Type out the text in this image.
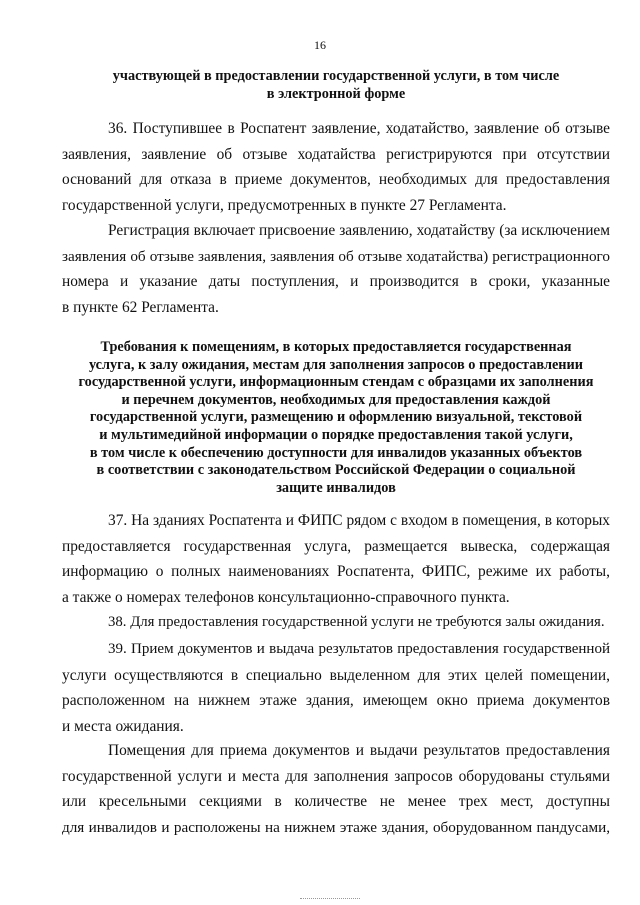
16
участвующей в предоставлении государственной услуги, в том числе
в электронной форме
36. Поступившее в Роспатент заявление, ходатайство, заявление об отзыве
заявления, заявление об отзыве ходатайства регистрируются при отсутствии
оснований для отказа в приеме документов, необходимых для предоставления
государственной услуги, предусмотренных в пункте 27 Регламента.
Регистрация включает присвоение заявлению, ходатайству (за исключением
заявления об отзыве заявления, заявления об отзыве ходатайства) регистрационного
номера и указание даты поступления, и производится в сроки, указанные
в пункте 62 Регламента.
Требования к помещениям, в которых предоставляется государственная
услуга, к залу ожидания, местам для заполнения запросов о предоставлении
государственной услуги, информационным стендам с образцами их заполнения
и перечнем документов, необходимых для предоставления каждой
государственной услуги, размещению и оформлению визуальной, текстовой
и мультимедийной информации о порядке предоставления такой услуги,
в том числе к обеспечению доступности для инвалидов указанных объектов
в соответствии с законодательством Российской Федерации о социальной
защите инвалидов
37. На зданиях Роспатента и ФИПС рядом с входом в помещения, в которых
предоставляется государственная услуга, размещается вывеска, содержащая
информацию о полных наименованиях Роспатента, ФИПС, режиме их работы,
а также о номерах телефонов консультационно-справочного пункта.
38. Для предоставления государственной услуги не требуются залы ожидания.
39. Прием документов и выдача результатов предоставления государственной
услуги осуществляются в специально выделенном для этих целей помещении,
расположенном на нижнем этаже здания, имеющем окно приема документов
и места ожидания.
Помещения для приема документов и выдачи результатов предоставления
государственной услуги и места для заполнения запросов оборудованы стульями
или кресельными секциями в количестве не менее трех мест, доступны
для инвалидов и расположены на нижнем этаже здания, оборудованном пандусами,
